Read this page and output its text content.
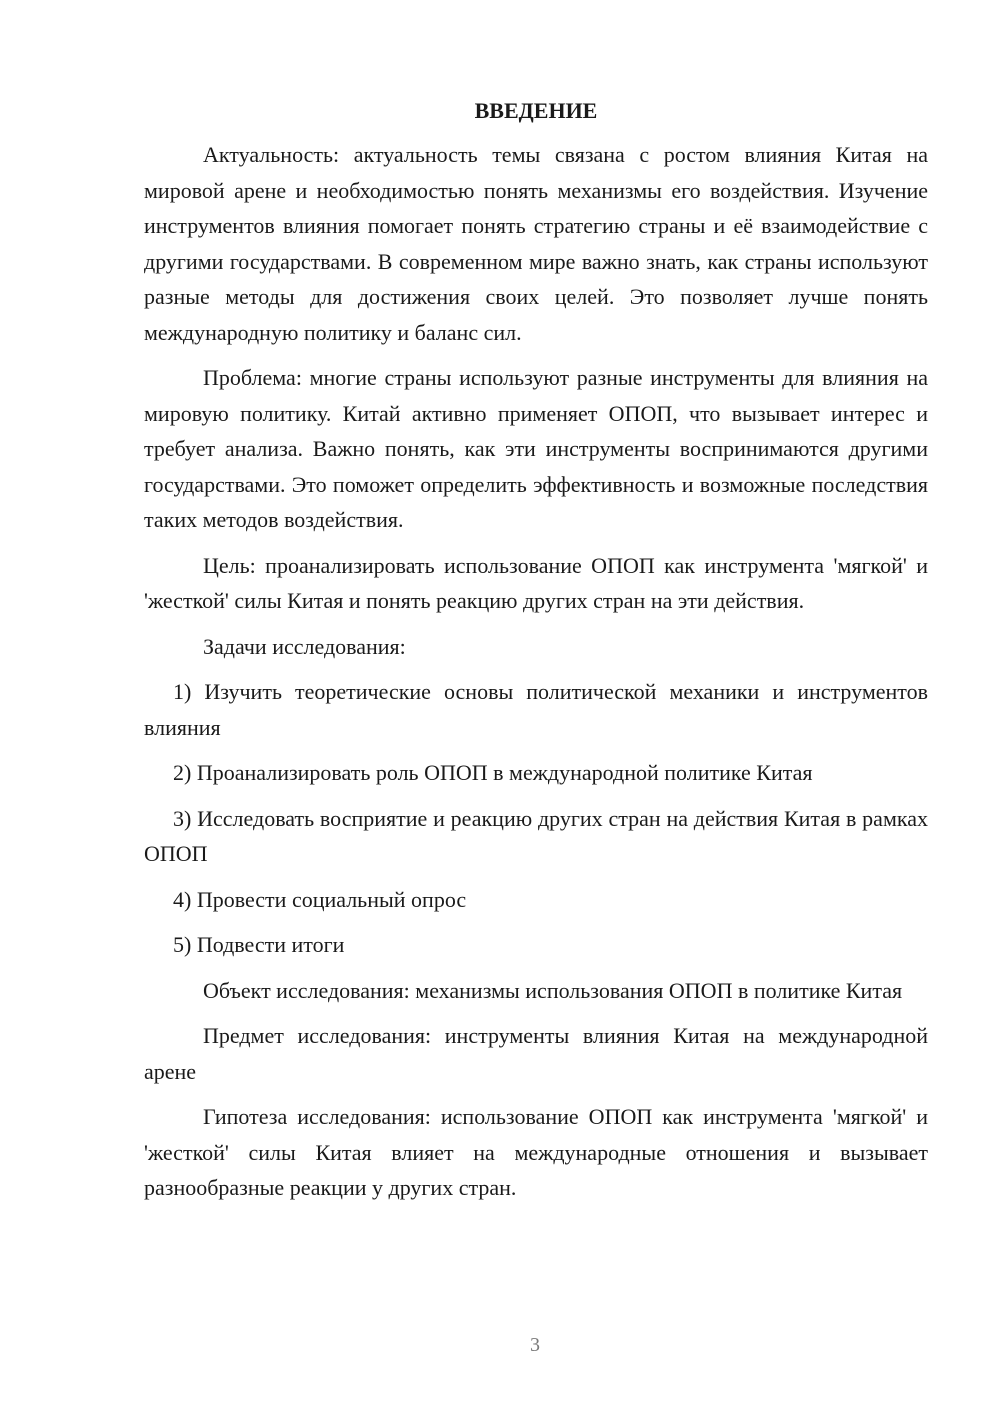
ВВЕДЕНИЕ

Актуальность: актуальность темы связана с ростом влияния Китая на мировой арене и необходимостью понять механизмы его воздействия. Изучение инструментов влияния помогает понять стратегию страны и её взаимодействие с другими государствами. В современном мире важно знать, как страны используют разные методы для достижения своих целей. Это позволяет лучше понять международную политику и баланс сил.

Проблема: многие страны используют разные инструменты для влияния на мировую политику. Китай активно применяет ОПОП, что вызывает интерес и требует анализа. Важно понять, как эти инструменты воспринимаются другими государствами. Это поможет определить эффективность и возможные последствия таких методов воздействия.

Цель: проанализировать использование ОПОП как инструмента 'мягкой' и 'жесткой' силы Китая и понять реакцию других стран на эти действия.

Задачи исследования:

1) Изучить теоретические основы политической механики и инструментов влияния

2) Проанализировать роль ОПОП в международной политике Китая

3) Исследовать восприятие и реакцию других стран на действия Китая в рамках ОПОП

4) Провести социальный опрос

5) Подвести итоги

Объект исследования: механизмы использования ОПОП в политике Китая

Предмет исследования: инструменты влияния Китая на международной арене

Гипотеза исследования: использование ОПОП как инструмента 'мягкой' и 'жесткой' силы Китая влияет на международные отношения и вызывает разнообразные реакции у других стран.

3
